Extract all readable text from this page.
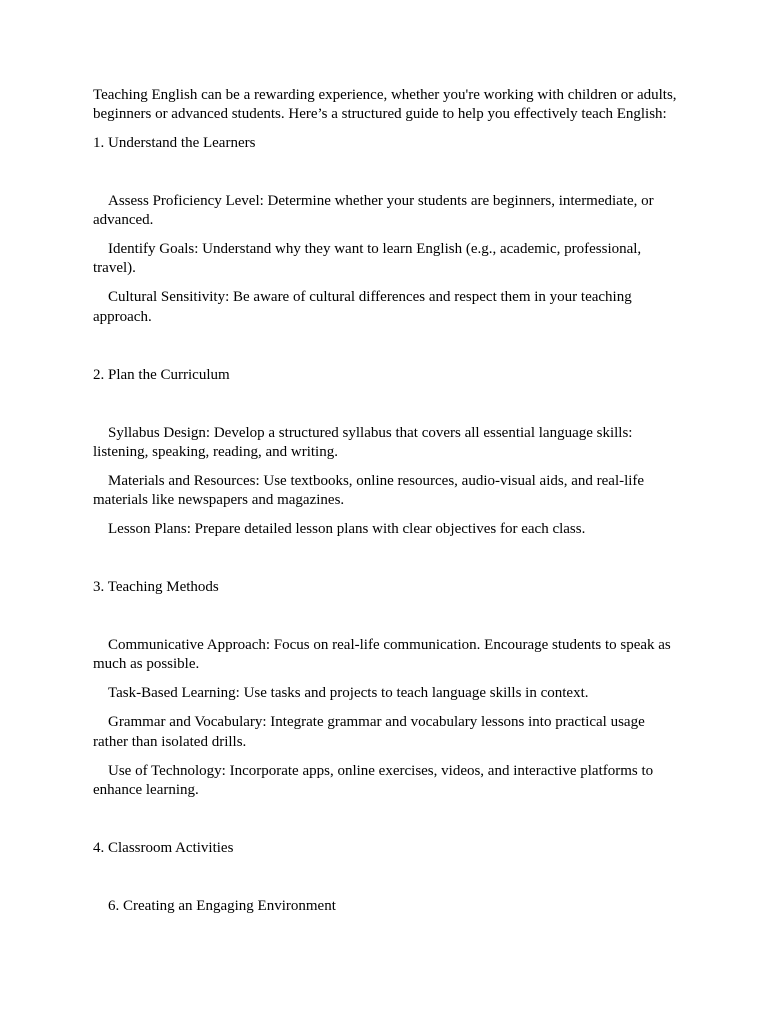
Teaching English can be a rewarding experience, whether you're working with children or adults, beginners or advanced students. Here’s a structured guide to help you effectively teach English:

1. Understand the Learners

Assess Proficiency Level: Determine whether your students are beginners, intermediate, or advanced.

Identify Goals: Understand why they want to learn English (e.g., academic, professional, travel).

Cultural Sensitivity: Be aware of cultural differences and respect them in your teaching approach.

2. Plan the Curriculum

Syllabus Design: Develop a structured syllabus that covers all essential language skills: listening, speaking, reading, and writing.

Materials and Resources: Use textbooks, online resources, audio-visual aids, and real-life materials like newspapers and magazines.

Lesson Plans: Prepare detailed lesson plans with clear objectives for each class.

3. Teaching Methods

Communicative Approach: Focus on real-life communication. Encourage students to speak as much as possible.

Task-Based Learning: Use tasks and projects to teach language skills in context.

Grammar and Vocabulary: Integrate grammar and vocabulary lessons into practical usage rather than isolated drills.

Use of Technology: Incorporate apps, online exercises, videos, and interactive platforms to enhance learning.

4. Classroom Activities

6. Creating an Engaging Environment
